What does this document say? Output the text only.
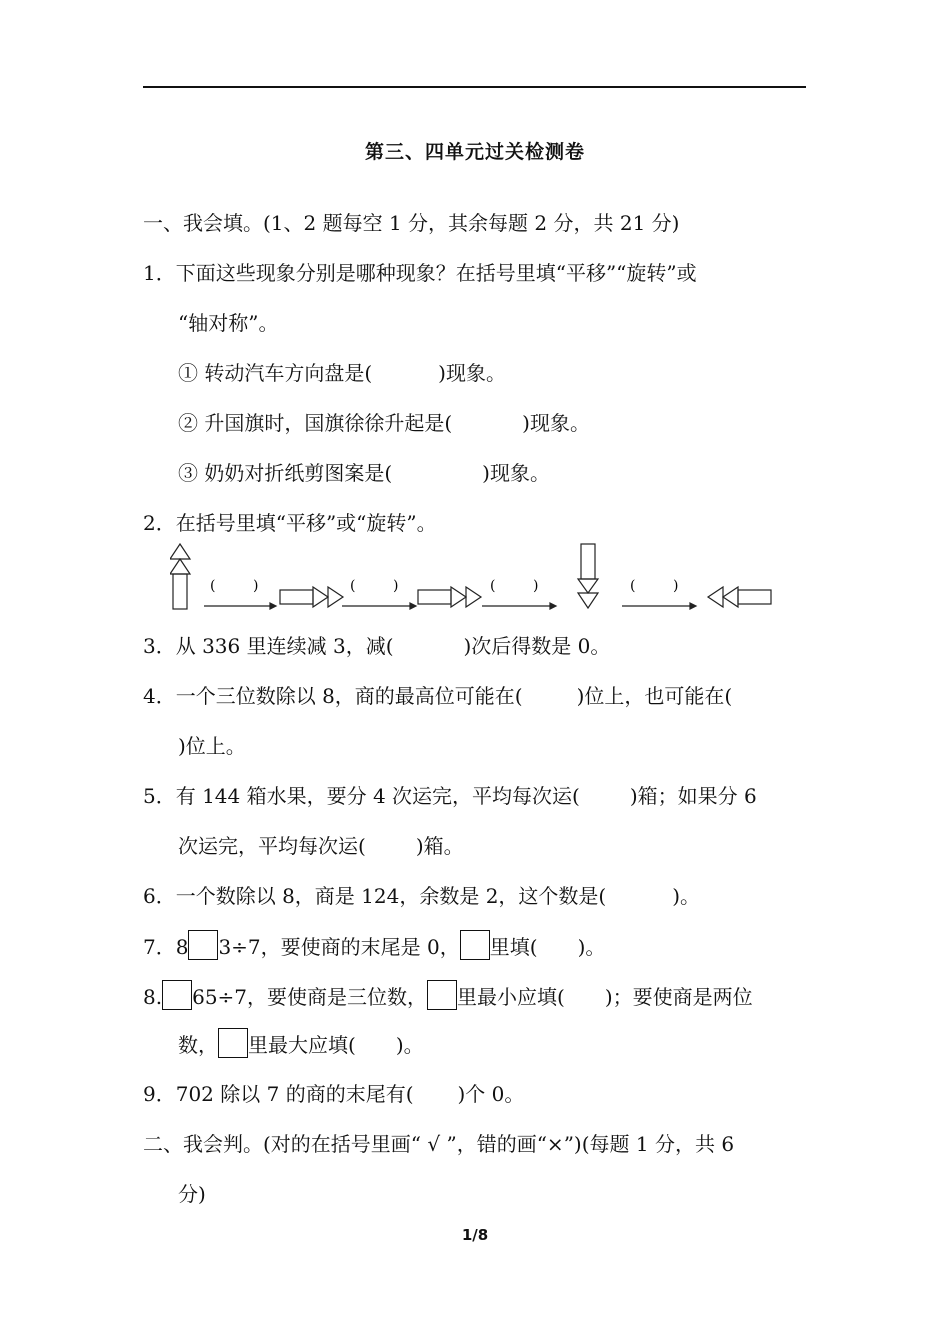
第三、四单元过关检测卷
一、我会填。(1、2 题每空 1 分，其余每题 2 分，共 21 分)
1．下面这些现象分别是哪种现象？在括号里填“平移”“旋转”或
“轴对称”。
① 转动汽车方向盘是(	)现象。
② 升国旗时，国旗徐徐升起是(	)现象。
③ 奶奶对折纸剪图案是(	)现象。
2．在括号里填“平移”或“旋转”。
(	)	(	)	(	)	(	)
3．从 336 里连续减 3，减(	)次后得数是 0。
4．一个三位数除以 8，商的最高位可能在(	)位上，也可能在(
)位上。
5．有 144 箱水果，要分 4 次运完，平均每次运(	)箱；如果分 6
次运完，平均每次运(	)箱。
6．一个数除以 8，商是 124，余数是 2，这个数是(	)。
7．8 3÷7，要使商的末尾是 0， 里填( )。
8. 65÷7，要使商是三位数， 里最小应填( )；要使商是两位
数， 里最大应填( )。
9．702 除以 7 的商的末尾有( )个 0。
二、我会判。(对的在括号里画“ √ ”，错的画“×”)(每题 1 分，共 6
分)
1/8
